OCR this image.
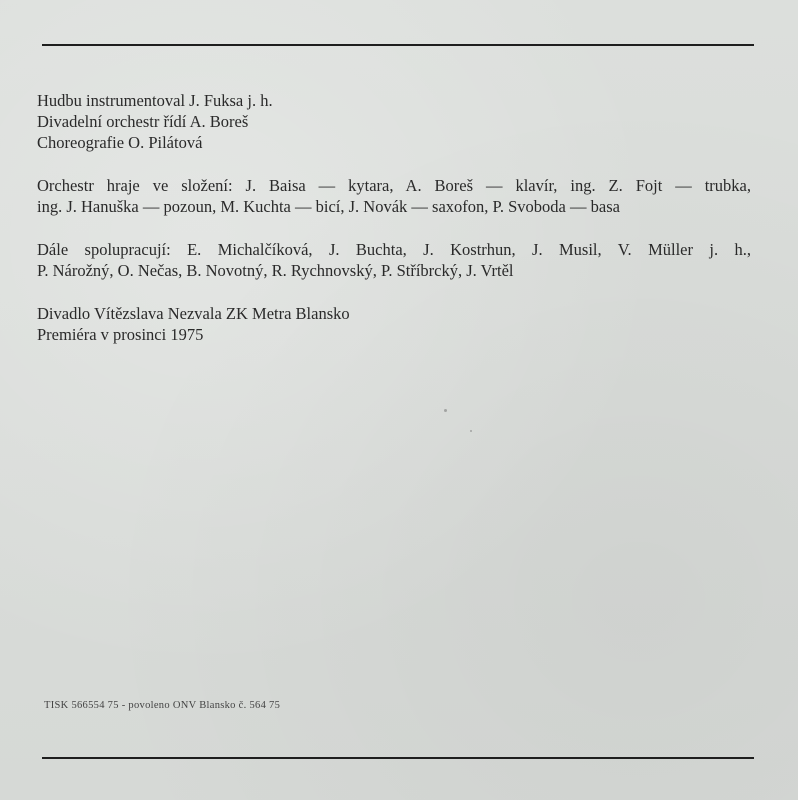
Hudbu instrumentoval J. Fuksa j. h.
Divadelní orchestr řídí A. Boreš
Choreografie O. Pilátová
Orchestr hraje ve složení: J. Baisa — kytara, A. Boreš — klavír, ing. Z. Fojt — trubka,
ing. J. Hanuška — pozoun, M. Kuchta — bicí, J. Novák — saxofon, P. Svoboda — basa
Dále spolupracují: E. Michalčíková, J. Buchta, J. Kostrhun, J. Musil, V. Müller j. h.,
P. Nárožný, O. Nečas, B. Novotný, R. Rychnovský, P. Stříbrcký, J. Vrtěl
Divadlo Vítězslava Nezvala ZK Metra Blansko
Premiéra v prosinci 1975
TISK 566554 75 - povoleno ONV Blansko č. 564 75
